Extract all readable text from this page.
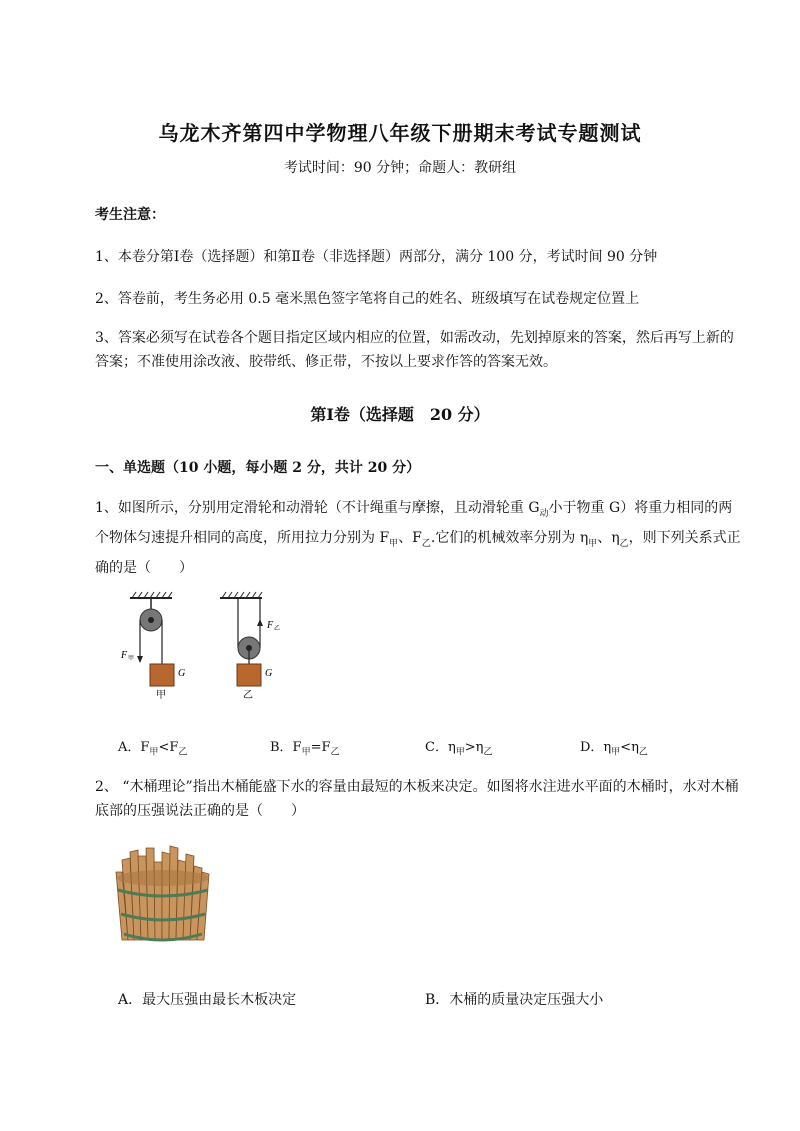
乌龙木齐第四中学物理八年级下册期末考试专题测试
考试时间：90 分钟；命题人：教研组
考生注意：
1、本卷分第Ⅰ卷（选择题）和第Ⅱ卷（非选择题）两部分，满分 100 分，考试时间 90 分钟
2、答卷前，考生务必用 0.5 毫米黑色签字笔将自己的姓名、班级填写在试卷规定位置上
3、答案必须写在试卷各个题目指定区域内相应的位置，如需改动，先划掉原来的答案，然后再写上新的答案；不准使用涂改液、胶带纸、修正带，不按以上要求作答的答案无效。
第Ⅰ卷（选择题　20 分）
一、单选题（10 小题，每小题 2 分，共计 20 分）
1、如图所示，分别用定滑轮和动滑轮（不计绳重与摩擦，且动滑轮重 $G_动$小于物重 G）将重力相同的两个物体匀速提升相同的高度，所用拉力分别为 $F_甲$、$F_乙$.它们的机械效率分别为 $\eta_甲$、$\eta_乙$，则下列关系式正确的是（　　）
F 甲
G
甲
F 乙
G
乙
A．$F_甲<F_乙$	B．$F_甲=F_乙$	C．$\eta_甲>\eta_乙$	D．$\eta_甲<\eta_乙$
2、 “木桶理论”指出木桶能盛下水的容量由最短的木板来决定。如图将水注进水平面的木桶时，水对木桶底部的压强说法正确的是（　　）
A．最大压强由最长木板决定	B．木桶的质量决定压强大小
